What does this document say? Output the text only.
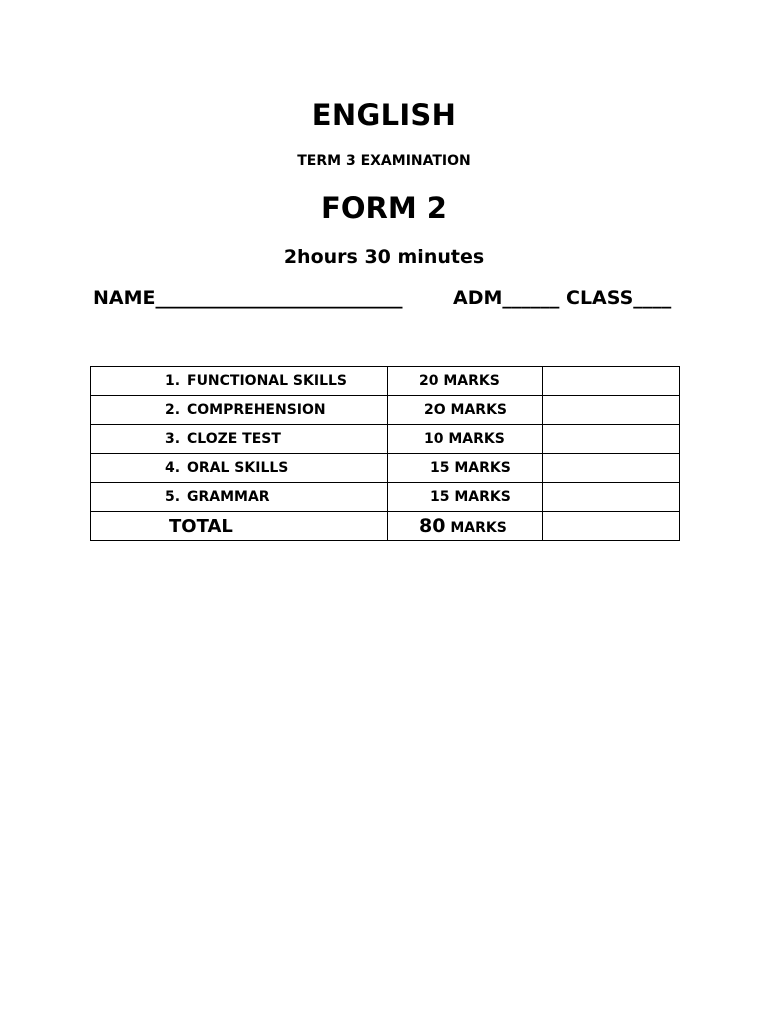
ENGLISH
TERM 3 EXAMINATION
FORM 2
2hours 30 minutes
NAME__________________________	ADM______ CLASS____
1. FUNCTIONAL SKILLS	20 MARKS	
2. COMPREHENSION	2O MARKS	
3. CLOZE TEST	10 MARKS	
4. ORAL SKILLS	15 MARKS	
5. GRAMMAR	15 MARKS	
TOTAL	80 MARKS	
